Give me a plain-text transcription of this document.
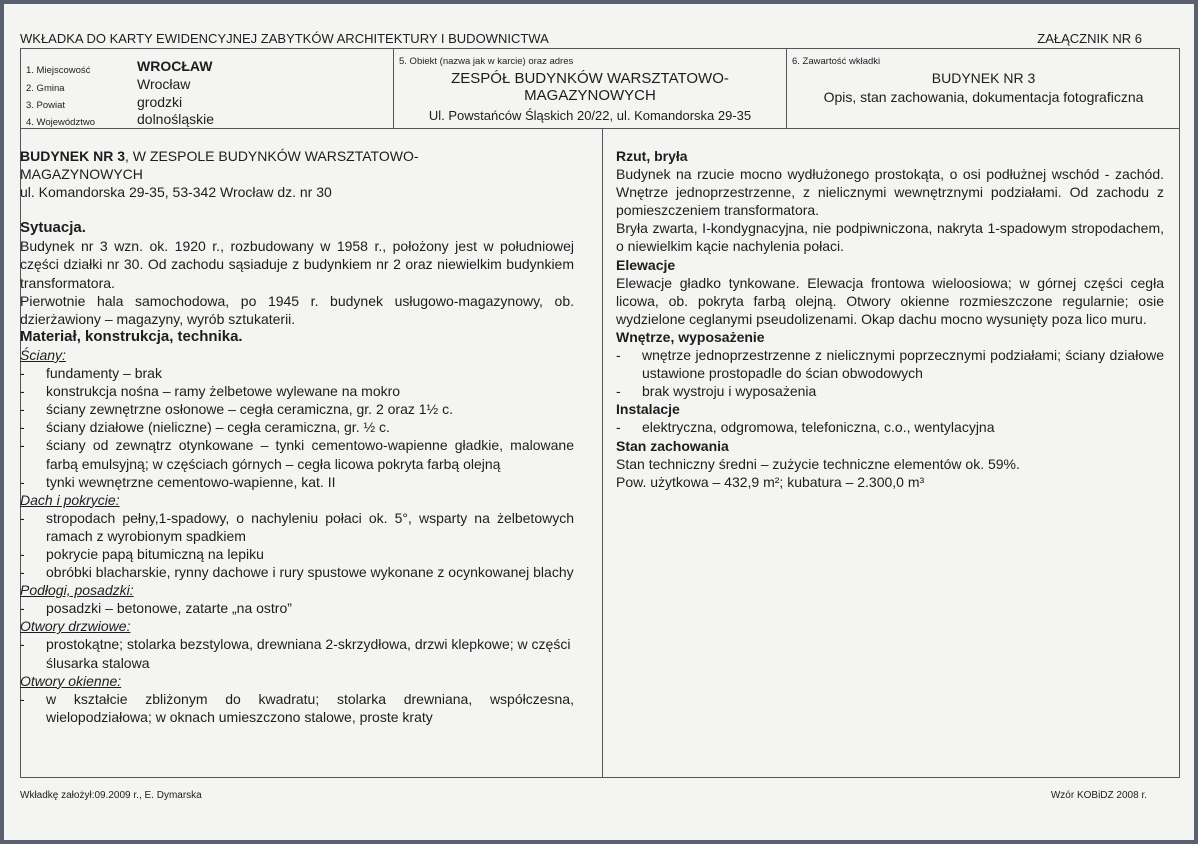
WKŁADKA DO KARTY EWIDENCYJNEJ ZABYTKÓW ARCHITEKTURY I BUDOWNICTWA	ZAŁĄCZNIK NR 6
1. Miejscowość	WROCŁAW
2. Gmina	Wrocław
3. Powiat	grodzki
4. Województwo	dolnośląskie
5. Obiekt (nazwa jak w karcie) oraz adres
ZESPÓŁ BUDYNKÓW WARSZTATOWO-
MAGAZYNOWYCH
Ul. Powstańców Śląskich 20/22, ul. Komandorska 29-35
6. Zawartość wkładki
BUDYNEK NR 3
Opis, stan zachowania, dokumentacja fotograficzna

BUDYNEK NR 3, W ZESPOLE BUDYNKÓW WARSZTATOWO-

MAGAZYNOWYCH

ul. Komandorska 29-35, 53-342 Wrocław dz. nr 30

Sytuacja.

Budynek nr 3 wzn. ok. 1920 r., rozbudowany w 1958 r., położony jest w południowej części działki nr 30. Od zachodu sąsiaduje z budynkiem nr 2 oraz niewielkim budynkiem transformatora.

Pierwotnie hala samochodowa, po 1945 r. budynek usługowo-magazynowy, ob. dzierżawiony – magazyny, wyrób sztukaterii.

Materiał, konstrukcja, technika.

Ściany:

- fundamenty – brak
- konstrukcja nośna – ramy żelbetowe wylewane na mokro
- ściany zewnętrzne osłonowe – cegła ceramiczna, gr. 2 oraz 1½ c.
- ściany działowe (nieliczne) – cegła ceramiczna, gr. ½ c.
- ściany od zewnątrz otynkowane – tynki cementowo-wapienne gładkie, malowane farbą emulsyjną; w częściach górnych – cegła licowa pokryta farbą olejną
- tynki wewnętrzne cementowo-wapienne, kat. II

Dach i pokrycie:

- stropodach pełny,1-spadowy, o nachyleniu połaci ok. 5°, wsparty na żelbetowych ramach z wyrobionym spadkiem
- pokrycie papą bitumiczną na lepiku
- obróbki blacharskie, rynny dachowe i rury spustowe wykonane z ocynkowanej blachy

Podłogi, posadzki:

- posadzki – betonowe, zatarte „na ostro”

Otwory drzwiowe:

- prostokątne; stolarka bezstylowa, drewniana 2-skrzydłowa, drzwi klepkowe; w części ślusarka stalowa

Otwory okienne:

- w kształcie zbliżonym do kwadratu; stolarka drewniana, współczesna, wielopodziałowa; w oknach umieszczono stalowe, proste kraty

Rzut, bryła

Budynek na rzucie mocno wydłużonego prostokąta, o osi podłużnej wschód - zachód. Wnętrze jednoprzestrzenne, z nielicznymi wewnętrznymi podziałami. Od zachodu z pomieszczeniem transformatora.

Bryła zwarta, I-kondygnacyjna, nie podpiwniczona, nakryta 1-spadowym stropodachem, o niewielkim kącie nachylenia połaci.

Elewacje

Elewacje gładko tynkowane. Elewacja frontowa wieloosiowa; w górnej części cegła licowa, ob. pokryta farbą olejną. Otwory okienne rozmieszczone regularnie; osie wydzielone ceglanymi pseudolizenami. Okap dachu mocno wysunięty poza lico muru.

Wnętrze, wyposażenie

- wnętrze jednoprzestrzenne z nielicznymi poprzecznymi podziałami; ściany działowe ustawione prostopadle do ścian obwodowych
- brak wystroju i wyposażenia

Instalacje

- elektryczna, odgromowa, telefoniczna, c.o., wentylacyjna

Stan zachowania

Stan techniczny średni – zużycie techniczne elementów ok. 59%.

Pow. użytkowa – 432,9 m²; kubatura – 2.300,0 m³

Wkładkę założył:09.2009 r., E. Dymarska	Wzór KOBiDZ 2008 r.
